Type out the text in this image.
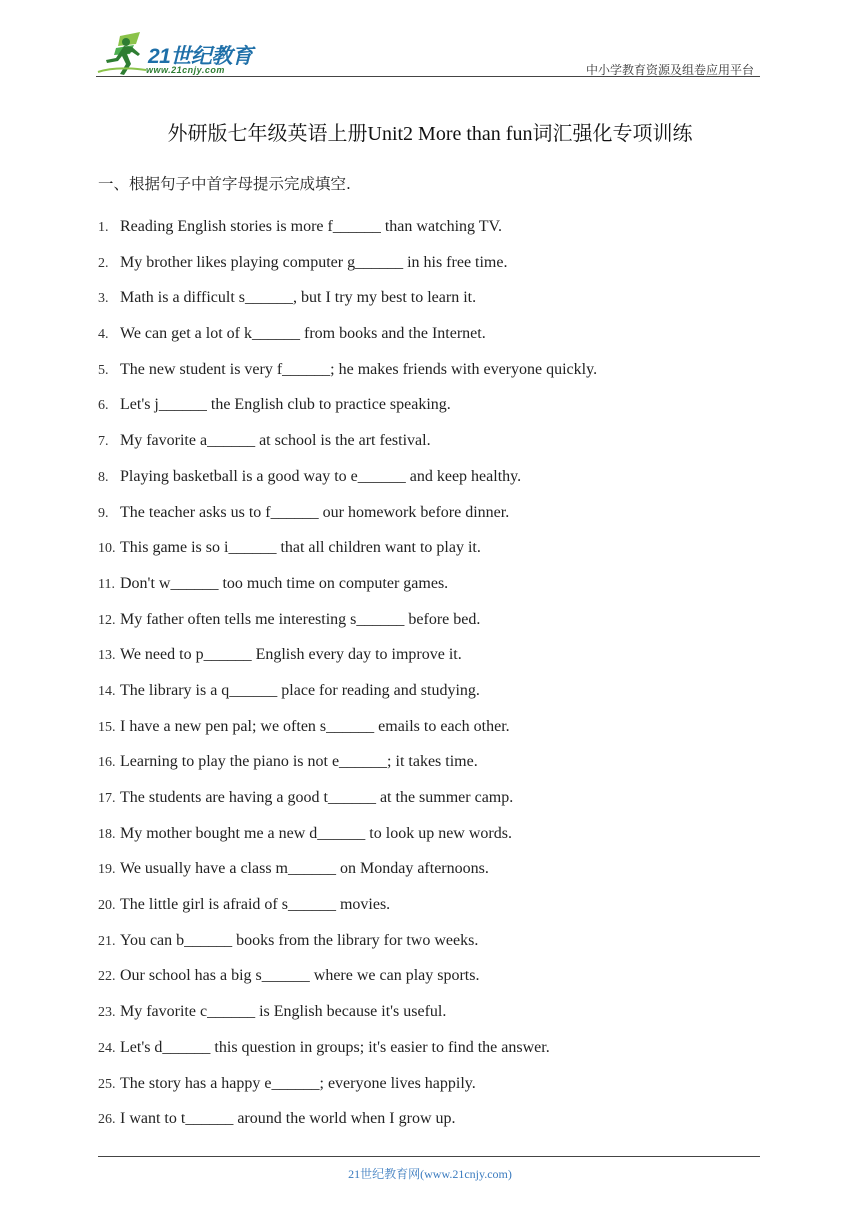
21世纪教育
www.21cnjy.com	中小学教育资源及组卷应用平台
外研版七年级英语上册Unit2 More than fun词汇强化专项训练
一、根据句子中首字母提示完成填空.
1. Reading English stories is more f______ than watching TV.
2. My brother likes playing computer g______ in his free time.
3. Math is a difficult s______, but I try my best to learn it.
4. We can get a lot of k______ from books and the Internet.
5. The new student is very f______; he makes friends with everyone quickly.
6. Let's j______ the English club to practice speaking.
7. My favorite a______ at school is the art festival.
8. Playing basketball is a good way to e______ and keep healthy.
9. The teacher asks us to f______ our homework before dinner.
10. This game is so i______ that all children want to play it.
11. Don't w______ too much time on computer games.
12. My father often tells me interesting s______ before bed.
13. We need to p______ English every day to improve it.
14. The library is a q______ place for reading and studying.
15. I have a new pen pal; we often s______ emails to each other.
16. Learning to play the piano is not e______; it takes time.
17. The students are having a good t______ at the summer camp.
18. My mother bought me a new d______ to look up new words.
19. We usually have a class m______ on Monday afternoons.
20. The little girl is afraid of s______ movies.
21. You can b______ books from the library for two weeks.
22. Our school has a big s______ where we can play sports.
23. My favorite c______ is English because it's useful.
24. Let's d______ this question in groups; it's easier to find the answer.
25. The story has a happy e______; everyone lives happily.
26. I want to t______ around the world when I grow up.
21世纪教育网(www.21cnjy.com)
